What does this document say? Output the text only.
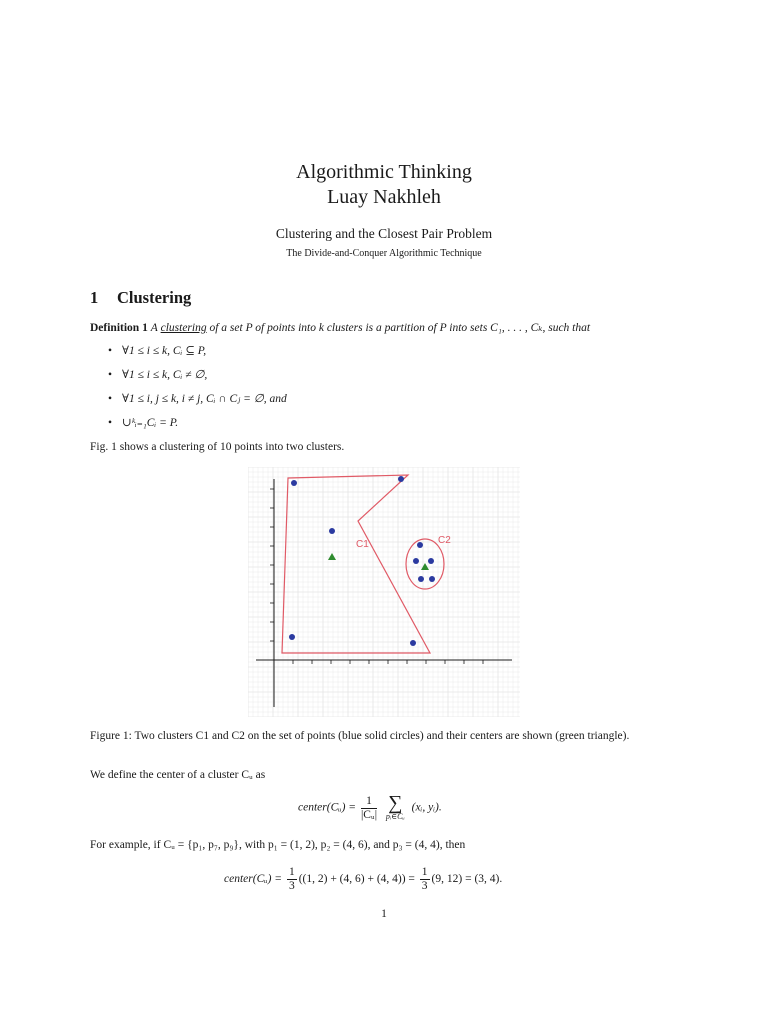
Algorithmic Thinking
Luay Nakhleh
Clustering and the Closest Pair Problem
The Divide-and-Conquer Algorithmic Technique
1 Clustering
Definition 1 A clustering of a set P of points into k clusters is a partition of P into sets C₁, . . . , Cₖ, such that
• ∀1 ≤ i ≤ k, Cᵢ ⊆ P,
• ∀1 ≤ i ≤ k, Cᵢ ≠ ∅,
• ∀1 ≤ i, j ≤ k, i ≠ j, Cᵢ ∩ Cⱼ = ∅, and
• ∪ᵏᵢ₌₁Cᵢ = P.
Fig. 1 shows a clustering of 10 points into two clusters.
C1	C2
Figure 1: Two clusters C1 and C2 on the set of points (blue solid circles) and their centers are shown (green triangle).
We define the center of a cluster Cᵤ as
center(Cᵤ) = $\frac{1}{\text{|Cᵤ|}}$
∑
pᵢ∈Cᵤ
(xᵢ, yᵢ).
For example, if Cᵤ = {p₁, p₇, p₉}, with p₁ = (1, 2), p₂ = (4, 6), and p₃ = (4, 4), then
center(Cᵤ) = $\frac{1}{3} ((1$, 2) + (4, 6) + (4, $4)) = \frac{1}{3} (9$, 12) = (3, 4).
1
